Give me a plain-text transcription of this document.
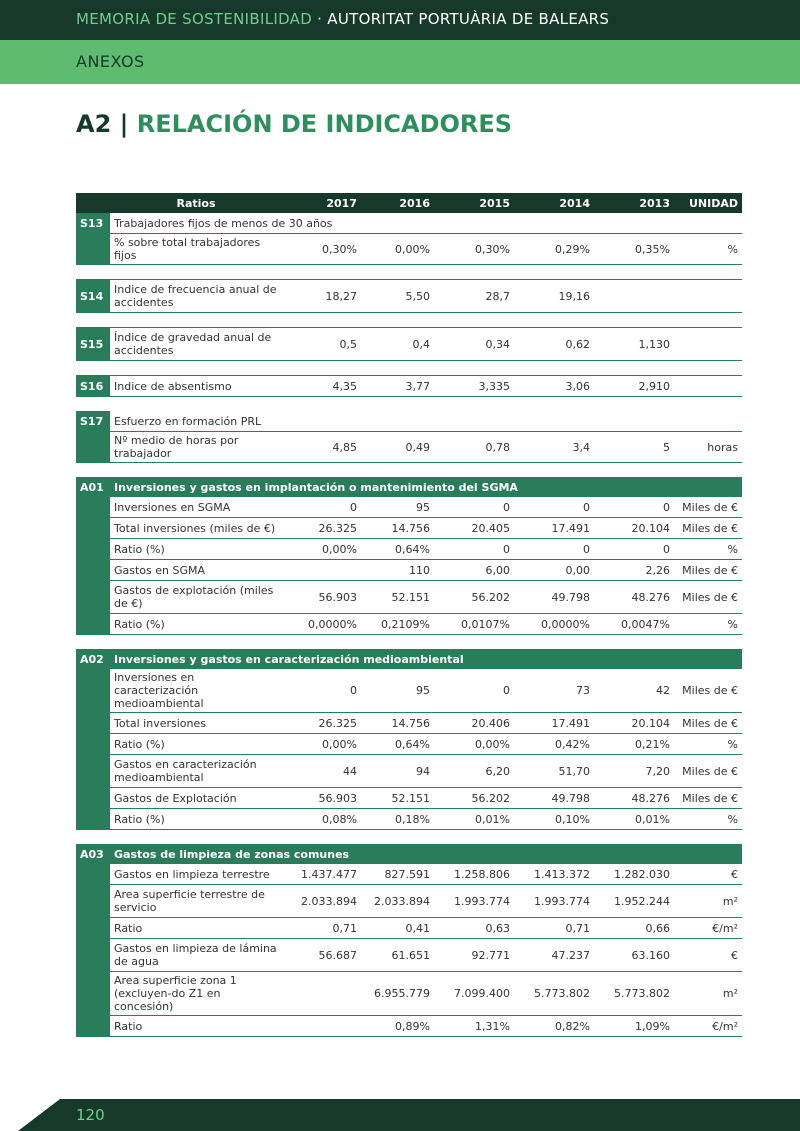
MEMORIA DE SOSTENIBILIDAD · AUTORITAT PORTUÀRIA DE BALEARS
ANEXOS
A2 | RELACIÓN DE INDICADORES
	Ratios	2017	2016	2015	2014	2013	UNIDAD
S13	Trabajadores fijos de menos de 30 años						
	% sobre total trabajadores fijos	0,30%	0,00%	0,30%	0,29%	0,35%	%

S14	Indice de frecuencia anual de accidentes	18,27	5,50	28,7	19,16		

S15	Índice de gravedad anual de accidentes	0,5	0,4	0,34	0,62	1,130	

S16	Indice de absentismo	4,35	3,77	3,335	3,06	2,910	

S17	Esfuerzo en formación PRL						
	Nº medio de horas por trabajador	4,85	0,49	0,78	3,4	5	horas

A01	Inversiones y gastos en implantación o mantenimiento del SGMA						
	Inversiones en SGMA	0	95	0	0	0	Miles de €
	Total inversiones (miles de €)	26.325	14.756	20.405	17.491	20.104	Miles de €
	Ratio (%)	0,00%	0,64%	0	0	0	%
	Gastos en SGMA		110	6,00	0,00	2,26	Miles de €
	Gastos de explotación (miles de €)	56.903	52.151	56.202	49.798	48.276	Miles de €
	Ratio (%)	0,0000%	0,2109%	0,0107%	0,0000%	0,0047%	%

A02	Inversiones y gastos en caracterización medioambiental						
	Inversiones en caracterización medioambiental	0	95	0	73	42	Miles de €
	Total inversiones	26.325	14.756	20.406	17.491	20.104	Miles de €
	Ratio (%)	0,00%	0,64%	0,00%	0,42%	0,21%	%
	Gastos en caracterización medioambiental	44	94	6,20	51,70	7,20	Miles de €
	Gastos de Explotación	56.903	52.151	56.202	49.798	48.276	Miles de €
	Ratio (%)	0,08%	0,18%	0,01%	0,10%	0,01%	%

A03	Gastos de limpieza de zonas comunes						
	Gastos en limpieza terrestre	1.437.477	827.591	1.258.806	1.413.372	1.282.030	€
	Area superficie terrestre de servicio	2.033.894	2.033.894	1.993.774	1.993.774	1.952.244	m²
	Ratio	0,71	0,41	0,63	0,71	0,66	€/m²
	Gastos en limpieza de lámina de agua	56.687	61.651	92.771	47.237	63.160	€
	Area superficie zona 1 (excluyen-do Z1 en concesión)		6.955.779	7.099.400	5.773.802	5.773.802	m²
	Ratio		0,89%	1,31%	0,82%	1,09%	€/m²
120
